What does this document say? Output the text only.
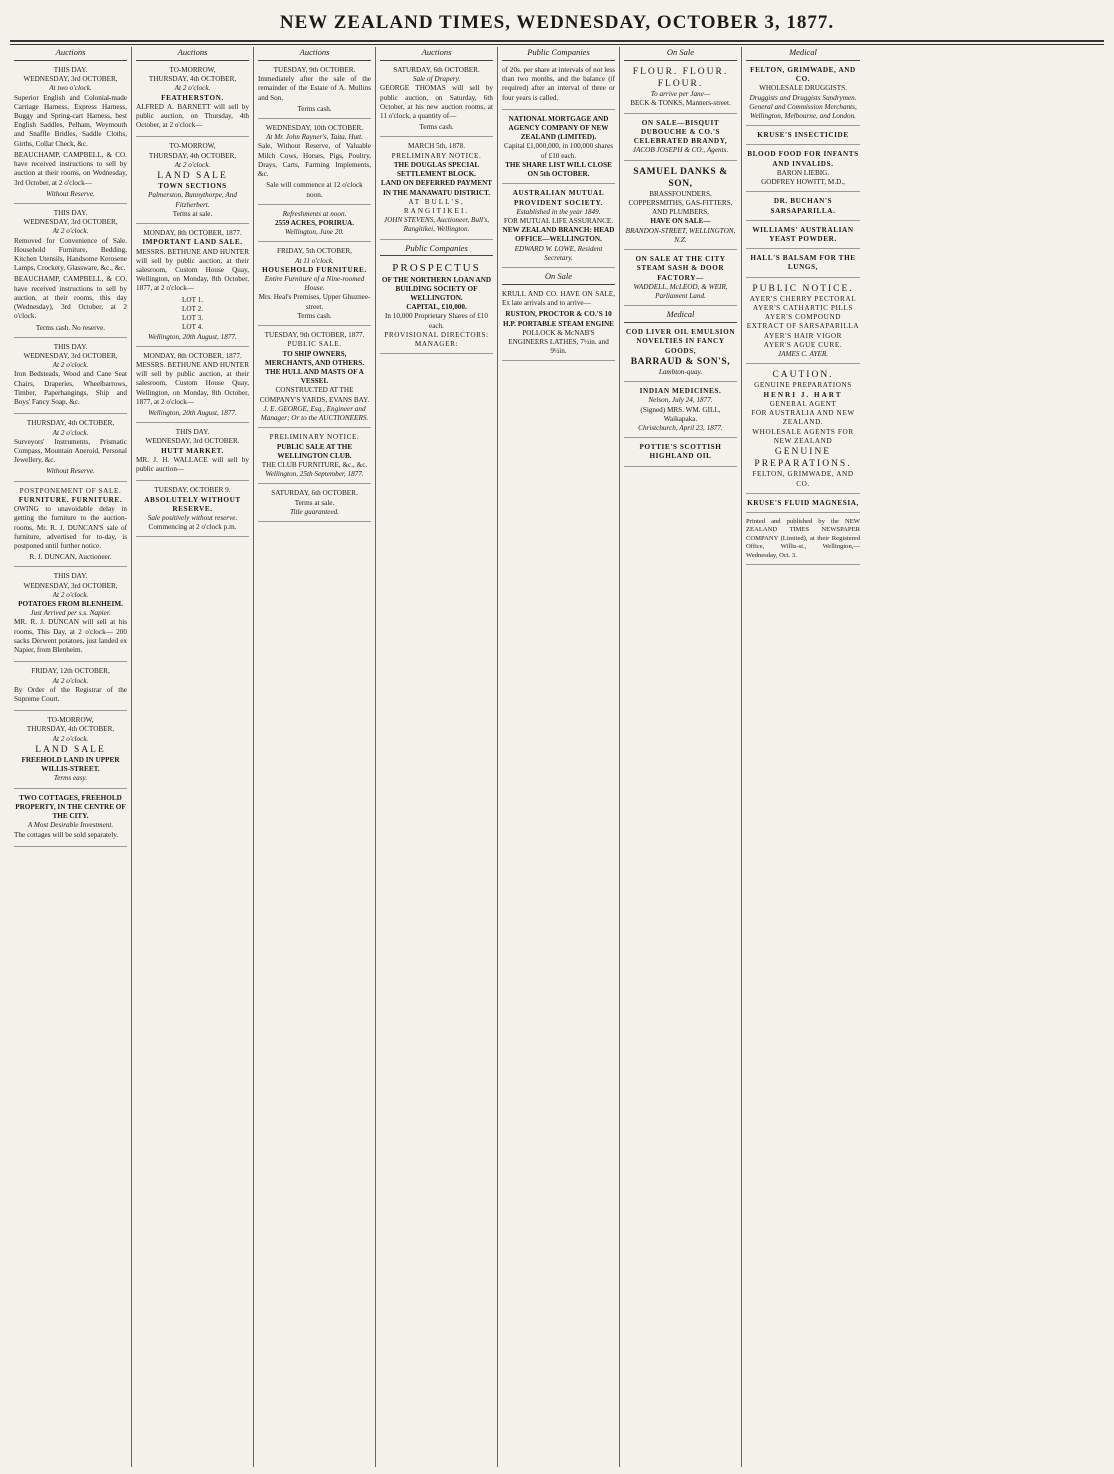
NEW ZEALAND TIMES, WEDNESDAY, OCTOBER 3, 1877.
Auctions
THIS DAY.
WEDNESDAY, 3rd OCTOBER,
At two o'clock.

Superior English and Colonial-made Carriage Harness, Express Harness, Buggy and Spring-cart Harness, best English Saddles, Pelham, Weymouth and Snaffle Bridles, Saddle Cloths, Girths, Collar Check, &c.

BEAUCHAMP, CAMPBELL, & CO. have received instructions to sell by auction at their rooms, on Wednesday, 3rd October, at 2 o'clock—

Without Reserve.
THIS DAY.
WEDNESDAY, 3rd OCTOBER,
At 2 o'clock.

Removed for Convenience of Sale. Household Furniture, Bedding, Kitchen Utensils, Handsome Kerosene Lamps, Crockery, Glassware, &c., &c.

BEAUCHAMP, CAMPBELL, & CO. have received instructions to sell by auction, at their rooms, this day (Wednesday), 3rd October, at 2 o'clock.

Terms cash. No reserve.
THIS DAY.
WEDNESDAY, 3rd OCTOBER,
At 2 o'clock.

Iron Bedsteads, Wood and Cane Seat Chairs, Draperies, Wheelbarrows, Timber, Paperhangings, Ship and Boys' Fancy Soap, &c.

THURSDAY, 4th OCTOBER,
At 2 o'clock.

Surveyors' Instruments, Prismatic Compass, Mountain Aneroid, Personal Jewellery, &c.

Without Reserve.
POSTPONEMENT OF SALE.
FURNITURE. FURNITURE.

OWING to unavoidable delay in getting the furniture to the auction-rooms, Mr. R. J. DUNCAN'S sale of furniture, advertised for to-day, is postponed until further notice.

R. J. DUNCAN, Auctioneer.
THIS DAY.
WEDNESDAY, 3rd OCTOBER,
At 2 o'clock.
POTATOES FROM BLENHEIM.
Just Arrived per s.s. Napier.

MR. R. J. DUNCAN will sell at his rooms, This Day, at 2 o'clock— 200 sacks Derwent potatoes, just landed ex Napier, from Blenheim.

FRIDAY, 12th OCTOBER,
At 2 o'clock.

By Order of the Registrar of the Supreme Court.

TO-MORROW,
THURSDAY, 4th OCTOBER,
At 2 o'clock.
LAND SALE
FREEHOLD LAND IN UPPER WILLIS-STREET.
Terms easy.
TWO COTTAGES, FREEHOLD PROPERTY, IN THE CENTRE OF THE CITY.
A Most Desirable Investment.

The cottages will be sold separately.

Auctions
TO-MORROW,
THURSDAY, 4th OCTOBER,
At 2 o'clock.
FEATHERSTON.

ALFRED A. BARNETT will sell by public auction, on Thursday, 4th October, at 2 o'clock—

TO-MORROW,
THURSDAY, 4th OCTOBER,
At 2 o'clock.
LAND SALE
TOWN SECTIONS
Palmerston, Bunnythorpe, And Fitzherbert.
Terms at sale.
MONDAY, 8th OCTOBER, 1877.
IMPORTANT LAND SALE.

MESSRS. BETHUNE AND HUNTER will sell by public auction, at their salesroom, Custom House Quay, Wellington, on Monday, 8th October, 1877, at 2 o'clock—

LOT 1.
LOT 2.
LOT 3.
LOT 4.
Wellington, 20th August, 1877.
MONDAY, 8th OCTOBER, 1877.

MESSRS. BETHUNE AND HUNTER will sell by public auction, at their salesroom, Custom House Quay, Wellington, on Monday, 8th October, 1877, at 2 o'clock—

Wellington, 20th August, 1877.
THIS DAY.
WEDNESDAY, 3rd OCTOBER.
HUTT MARKET.

MR. J. H. WALLACE will sell by public auction—

TUESDAY, OCTOBER 9.
ABSOLUTELY WITHOUT RESERVE.
Sale positively without reserve.
Commencing at 2 o'clock p.m.
Auctions
TUESDAY, 9th OCTOBER.

Immediately after the sale of the remainder of the Estate of A. Mullins and Son.

Terms cash.
WEDNESDAY, 10th OCTOBER.
At Mr. John Rayner's, Taita, Hutt.

Sale, Without Reserve, of Valuable Milch Cows, Horses, Pigs, Poultry, Drays, Carts, Farming Implements, &c.

Sale will commence at 12 o'clock noon.
Refreshments at noon.
2559 ACRES, PORIRUA.
Wellington, June 20.
FRIDAY, 5th OCTOBER,
At 11 o'clock.
HOUSEHOLD FURNITURE.
Entire Furniture of a Nine-roomed House.
Mrs. Heal's Premises, Upper Ghuznee-street.
Terms cash.
TUESDAY, 9th OCTOBER, 1877.
PUBLIC SALE.
TO SHIP OWNERS, MERCHANTS, AND OTHERS.
THE HULL AND MASTS OF A VESSEL
CONSTRUCTED AT THE COMPANY'S YARDS, EVANS BAY.
J. E. GEORGE, Esq., Engineer and Manager; Or to the AUCTIONEERS.
PRELIMINARY NOTICE.
PUBLIC SALE AT THE WELLINGTON CLUB.
THE CLUB FURNITURE, &c., &c.
Wellington, 25th September, 1877.
SATURDAY, 6th OCTOBER.
Terms at sale.
Title guaranteed.
Auctions
SATURDAY, 6th OCTOBER.
Sale of Drapery.

GEORGE THOMAS will sell by public auction, on Saturday, 6th October, at his new auction rooms, at 11 o'clock, a quantity of—

Terms cash.
MARCH 5th, 1878.
PRELIMINARY NOTICE.
THE DOUGLAS SPECIAL SETTLEMENT BLOCK.
LAND ON DEFERRED PAYMENT IN THE MANAWATU DISTRICT.
AT BULL'S, RANGITIKEI.
JOHN STEVENS, Auctioneer, Bull's, Rangitikei, Wellington.
Public Companies
PROSPECTUS
OF THE NORTHERN LOAN AND BUILDING SOCIETY OF WELLINGTON.
CAPITAL, £10,000.
In 10,000 Proprietary Shares of £10 each.
PROVISIONAL DIRECTORS:
MANAGER:
Public Companies

of 20s. per share at intervals of not less than two months, and the balance (if required) after an interval of three or four years is called.

NATIONAL MORTGAGE AND AGENCY COMPANY OF NEW ZEALAND (LIMITED).
Capital £1,000,000, in 100,000 shares of £10 each.
THE SHARE LIST WILL CLOSE ON 5th OCTOBER.
AUSTRALIAN MUTUAL PROVIDENT SOCIETY.
Established in the year 1849.
FOR MUTUAL LIFE ASSURANCE.
NEW ZEALAND BRANCH: HEAD OFFICE—WELLINGTON.
EDWARD W. LOWE, Resident Secretary.
On Sale

KRULL AND CO. HAVE ON SALE, Ex late arrivals and to arrive—

RUSTON, PROCTOR & CO.'S 10 H.P. PORTABLE STEAM ENGINE
POLLOCK & McNAB'S ENGINEERS LATHES, 7½in. and 9½in.
On Sale
FLOUR. FLOUR. FLOUR.
To arrive per Jane—
BECK & TONKS, Manners-street.
ON SALE—BISQUIT DUBOUCHE & CO.'S CELEBRATED BRANDY,
JACOB JOSEPH & CO., Agents.
SAMUEL DANKS & SON,
BRASSFOUNDERS, COPPERSMITHS, GAS-FITTERS, AND PLUMBERS,
HAVE ON SALE—
BRANDON-STREET, WELLINGTON, N.Z.
ON SALE AT THE CITY STEAM SASH & DOOR FACTORY—
WADDELL, McLEOD, & WEIR, Parliament Land.
Medical
COD LIVER OIL EMULSION
NOVELTIES IN FANCY GOODS,
BARRAUD & SON'S,
Lambton-quay.
INDIAN MEDICINES.
Nelson, July 24, 1877.
(Signed) MRS. WM. GILL, Waikapaka.
Christchurch, April 23, 1877.
POTTIE'S SCOTTISH HIGHLAND OIL
Medical
FELTON, GRIMWADE, AND CO.
WHOLESALE DRUGGISTS.
Druggists and Druggists Sundrymen.
General and Commission Merchants,
Wellington, Melbourne, and London.
KRUSE'S INSECTICIDE
BLOOD FOOD FOR INFANTS AND INVALIDS.
BARON LIEBIG.
GODFREY HOWITT, M.D.,
DR. BUCHAN'S SARSAPARILLA.
WILLIAMS' AUSTRALIAN YEAST POWDER.
HALL'S BALSAM FOR THE LUNGS,
PUBLIC NOTICE.
AYER'S CHERRY PECTORAL
AYER'S CATHARTIC PILLS
AYER'S COMPOUND EXTRACT OF SARSAPARILLA
AYER'S HAIR VIGOR
AYER'S AGUE CURE.
JAMES C. AYER.
CAUTION.
GENUINE PREPARATIONS
HENRI J. HART
GENERAL AGENT
FOR AUSTRALIA AND NEW ZEALAND.
WHOLESALE AGENTS FOR NEW ZEALAND
GENUINE PREPARATIONS.
FELTON, GRIMWADE, AND CO.
KRUSE'S FLUID MAGNESIA,
Printed and published by the NEW ZEALAND TIMES NEWSPAPER COMPANY (Limited), at their Registered Office, Willis-st., Wellington,—Wednesday, Oct. 3.
